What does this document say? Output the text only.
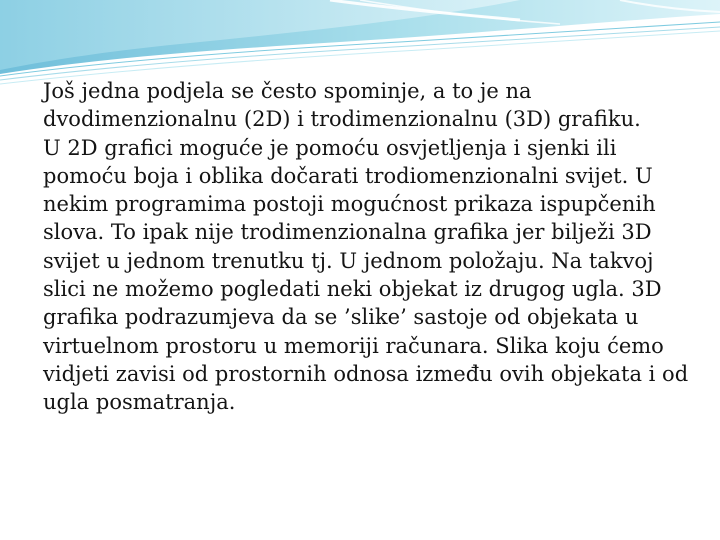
Još jedna podjela se često spominje, a to je na dvodimenzionalnu (2D) i trodimenzionalnu (3D) grafiku.

U 2D grafici moguće je pomoću osvjetljenja i sjenki ili pomoću boja i oblika dočarati trodiomenzionalni svijet. U nekim programima postoji mogućnost prikaza ispupčenih slova. To ipak nije trodimenzionalna grafika jer bilježi 3D svijet u jednom trenutku tj. U jednom položaju. Na takvoj slici ne možemo pogledati neki objekat iz drugog ugla. 3D grafika podrazumjeva da se ’slike’ sastoje od objekata u virtuelnom prostoru u memoriji računara. Slika koju ćemo vidjeti zavisi od prostornih odnosa između ovih objekata i od ugla posmatranja.
